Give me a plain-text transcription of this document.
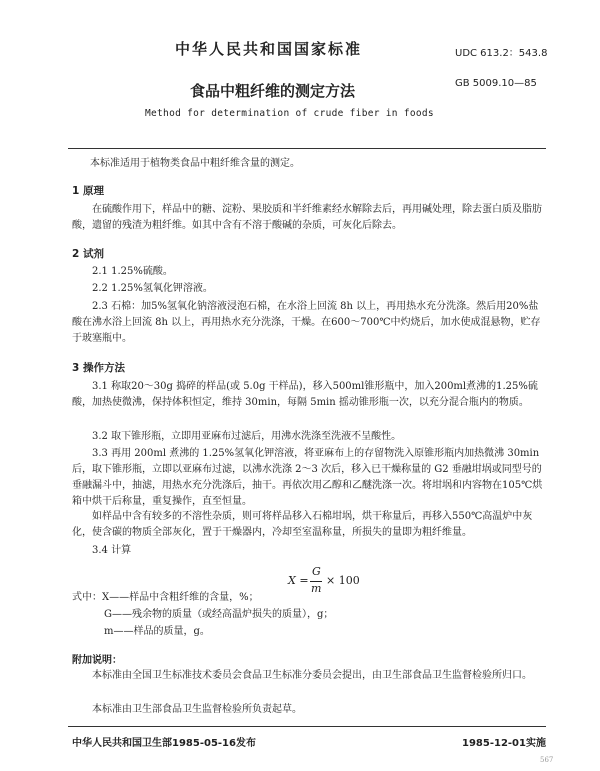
中华人民共和国国家标准	UDC 613.2：543.8
食品中粗纤维的测定方法	GB 5009.10—85
Method for determination of crude fiber in foods
本标准适用于植物类食品中粗纤维含量的测定。
1 原理
在硫酸作用下，样品中的糖、淀粉、果胶质和半纤维素经水解除去后，再用碱处理，除去蛋白质及脂肪酸，遗留的残渣为粗纤维。如其中含有不溶于酸碱的杂质，可灰化后除去。
2 试剂
2.1 1.25%硫酸。
2.2 1.25%氢氧化钾溶液。
2.3 石棉：加5%氢氧化钠溶液浸泡石棉，在水浴上回流 8h 以上，再用热水充分洗涤。然后用20%盐酸在沸水浴上回流 8h 以上，再用热水充分洗涤，干燥。在600～700℃中灼烧后，加水使成混悬物，贮存于玻塞瓶中。
3 操作方法
3.1 称取20～30g 捣碎的样品(或 5.0g 干样品)，移入500ml锥形瓶中，加入200ml煮沸的1.25%硫酸，加热使微沸，保持体积恒定，维持 30min，每隔 5min 摇动锥形瓶一次，以充分混合瓶内的物质。
3.2 取下锥形瓶，立即用亚麻布过滤后，用沸水洗涤至洗液不呈酸性。
3.3 再用 200ml 煮沸的 1.25%氢氧化钾溶液，将亚麻布上的存留物洗入原锥形瓶内加热微沸 30min后，取下锥形瓶，立即以亚麻布过滤，以沸水洗涤 2～3 次后，移入已干燥称量的 G2 垂融坩埚或同型号的垂融漏斗中，抽滤，用热水充分洗涤后，抽干。再依次用乙醇和乙醚洗涤一次。将坩埚和内容物在105℃烘箱中烘干后称量，重复操作，直至恒量。
如样品中含有较多的不溶性杂质，则可将样品移入石棉坩埚，烘干称量后，再移入550℃高温炉中灰化，使含碳的物质全部灰化，置于干燥器内，冷却至室温称量，所损失的量即为粗纤维量。
3.4 计算
X =
G
m
× 100
式中：X——样品中含粗纤维的含量，%；
G——残余物的质量（或经高温炉损失的质量），g；
m——样品的质量，g。
附加说明：
本标准由全国卫生标准技术委员会食品卫生标准分委员会提出，由卫生部食品卫生监督检验所归口。
本标准由卫生部食品卫生监督检验所负责起草。
中华人民共和国卫生部1985-05-16发布	1985-12-01实施
567
